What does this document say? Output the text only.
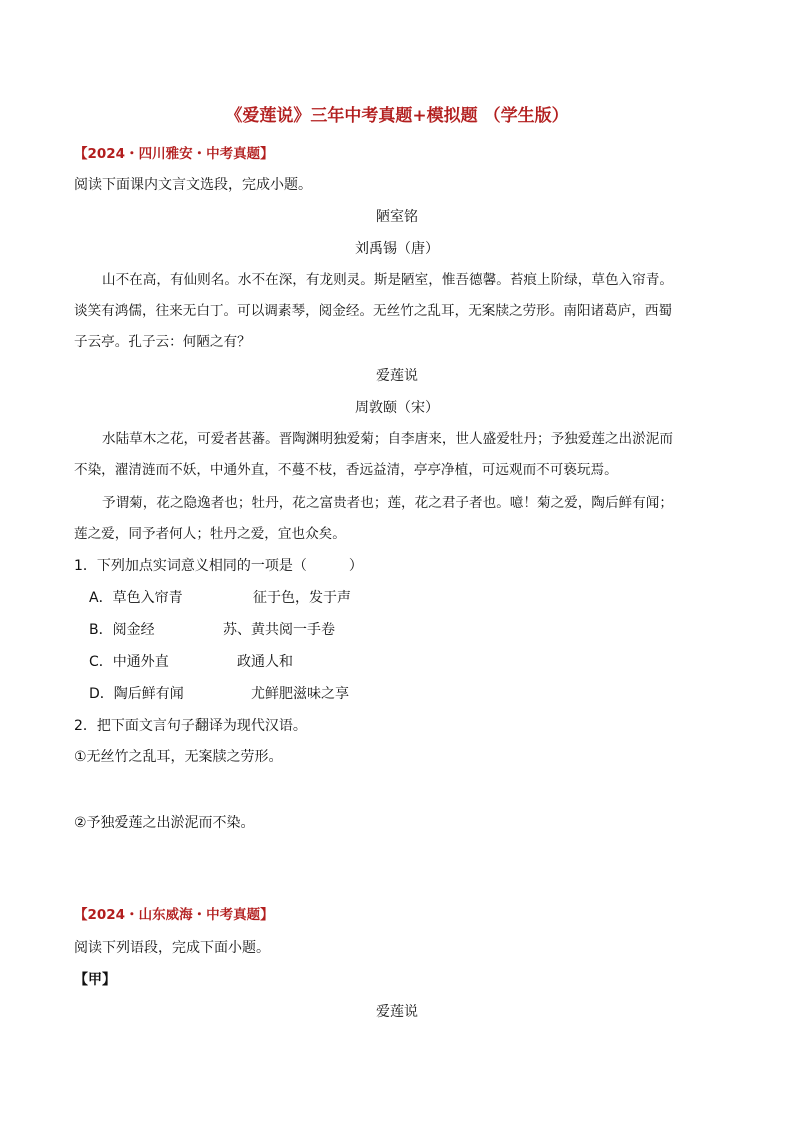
《爱莲说》三年中考真题+模拟题 （学生版）
【2024・四川雅安・中考真题】
阅读下面课内文言文选段，完成小题。
陋室铭
刘禹锡（唐）
山不在高，有仙则名。水不在深，有龙则灵。斯是陋室，惟吾德馨。苔痕上阶绿，草色入帘青。
谈笑有鸿儒，往来无白丁。可以调素琴，阅金经。无丝竹之乱耳，无案牍之劳形。南阳诸葛庐，西蜀
子云亭。孔子云：何陋之有？
爱莲说
周敦颐（宋）
水陆草木之花，可爱者甚蕃。晋陶渊明独爱菊；自李唐来，世人盛爱牡丹；予独爱莲之出淤泥而
不染，濯清涟而不妖，中通外直，不蔓不枝，香远益清，亭亭净植，可远观而不可亵玩焉。
予谓菊，花之隐逸者也；牡丹，花之富贵者也；莲，花之君子者也。噫！菊之爱，陶后鲜有闻；
莲之爱，同予者何人；牡丹之爱，宜也众矣。
1．下列加点实词意义相同的一项是（　　　）
A．草色入帘青	征于色，发于声
B．阅金经	苏、黄共阅一手卷
C．中通外直	政通人和
D．陶后鲜有闻	尤鲜肥滋味之享
2．把下面文言句子翻译为现代汉语。
①无丝竹之乱耳，无案牍之劳形。
②予独爱莲之出淤泥而不染。
【2024・山东威海・中考真题】
阅读下列语段，完成下面小题。
【甲】
爱莲说
